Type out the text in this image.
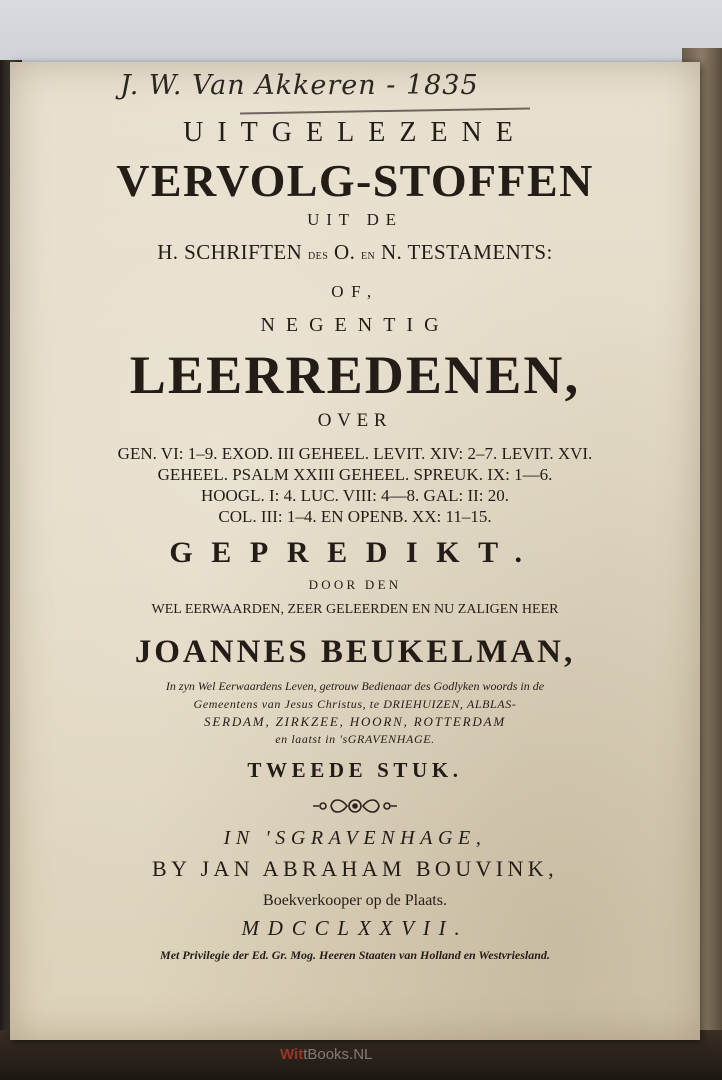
J. W. Van Akkeren - 1835
UITGELEZENE
VERVOLG-STOFFEN
UIT DE
H. SCHRIFTEN DES O. EN N. TESTAMENTS:
OF,
NEGENTIG
LEERREDENEN,
OVER
GEN. VI: 1–9. EXOD. III GEHEEL. LEVIT. XIV: 2–7. LEVIT. XVI.
GEHEEL. PSALM XXIII GEHEEL. SPREUK. IX: 1—6.
HOOGL. I: 4. LUC. VIII: 4—8. GAL: II: 20.
COL. III: 1–4. EN OPENB. XX: 11–15.
GEPREDIKT.
DOOR DEN
WEL EERWAARDEN, ZEER GELEERDEN EN NU ZALIGEN HEER
JOANNES BEUKELMAN,
In zyn Wel Eerwaardens Leven, getrouw Bedienaar des Godlyken woords in de
Gemeentens van Jesus Christus, te DRIEHUIZEN, ALBLAS-
SERDAM, ZIRKZEE, HOORN, ROTTERDAM
en laatst in 'sGRAVENHAGE.
TWEEDE STUK.
IN 'SGRAVENHAGE,
BY JAN ABRAHAM BOUVINK,
Boekverkooper op de Plaats.
MDCCLXXVII.
Met Privilegie der Ed. Gr. Mog. Heeren Staaten van Holland en Westvriesland.
WittBooks.NL
